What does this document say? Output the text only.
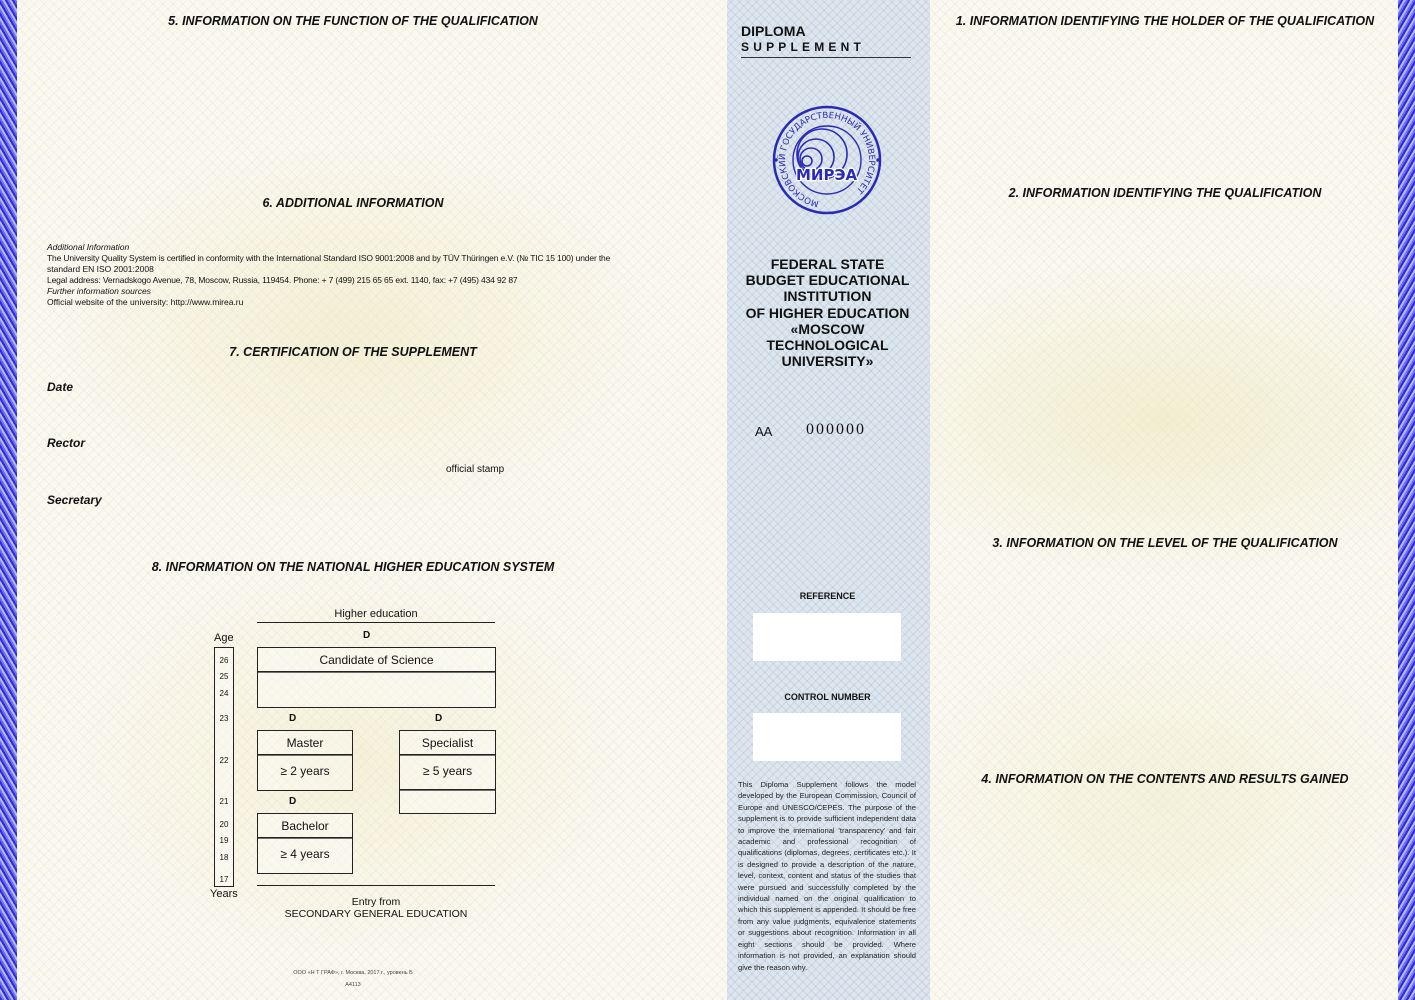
5. INFORMATION ON THE FUNCTION OF THE QUALIFICATION
6. ADDITIONAL INFORMATION
Additional Information
The University Quality System is certified in conformity with the International Standard ISO 9001:2008 and by TÜV Thüringen e.V. (№ TIC 15 100) under the
standard EN ISO 2001:2008
Legal address: Vernadskogo Avenue, 78, Moscow, Russia, 119454. Phone: + 7 (499) 215 65 65 ext. 1140, fax: +7 (495) 434 92 87
Further information sources
Official website of the university: http://www.mirea.ru
7. CERTIFICATION OF THE SUPPLEMENT
Date
Rector
official stamp
Secretary
8. INFORMATION ON THE NATIONAL HIGHER EDUCATION SYSTEM
Higher education
D
Age
26
25
24
23
22
21
20
19
18
17
Years
Candidate of Science
D	D
Master
≥ 2 years
Specialist
≥ 5 years
D
Bachelor
≥ 4 years
Entry from
SECONDARY GENERAL EDUCATION
ООО «Н Т ГРАФ», г. Москва, 2017 г., уровень Б
А4113
DIPLOMA
SUPPLEMENT
МОСКОВСКИЙ ГОСУДАРСТВЕННЫЙ УНИВЕРСИТЕТ
МИРЭА
FEDERAL STATE
BUDGET EDUCATIONAL
INSTITUTION
OF HIGHER EDUCATION
«MOSCOW
TECHNOLOGICAL
UNIVERSITY»
AA 000000
REFERENCE
CONTROL NUMBER
This Diploma Supplement follows the model developed by the European Commission, Council of Europe and UNESCO/CEPES. The purpose of the supplement is to provide sufficient independent data to improve the international 'transparency' and fair academic and professional recognition of qualifications (diplomas, degrees, certificates etc.). It is designed to provide a description of the nature, level, context, content and status of the studies that were pursued and successfully completed by the individual named on the original qualification to which this supplement is appended. It should be free from any value judgments, equivalence statements or suggestions about recognition. Information in all eight sections should be provided. Where information is not provided, an explanation should give the reason why.
1. INFORMATION IDENTIFYING THE HOLDER OF THE QUALIFICATION
2. INFORMATION IDENTIFYING THE QUALIFICATION
3. INFORMATION ON THE LEVEL OF THE QUALIFICATION
4. INFORMATION ON THE CONTENTS AND RESULTS GAINED
